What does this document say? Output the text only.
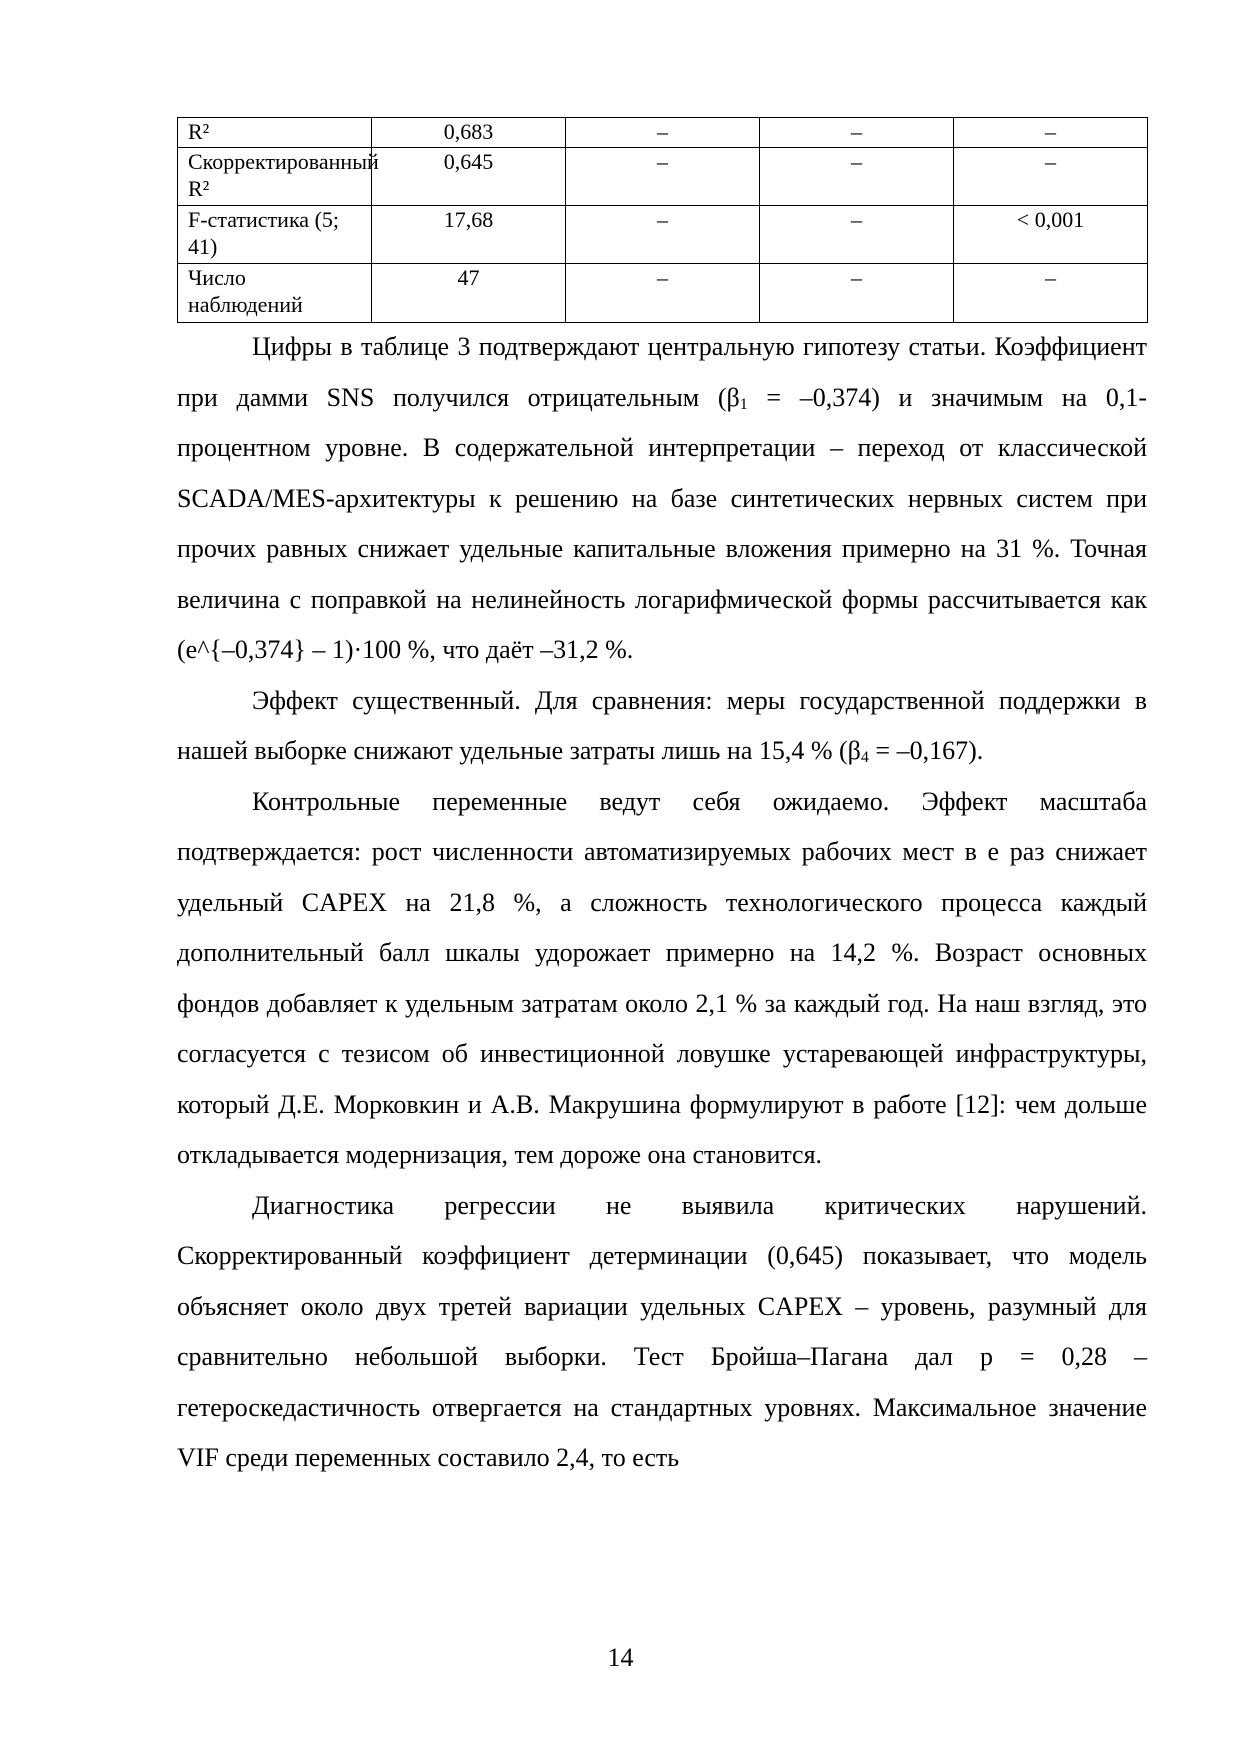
R²	0,683	–	–	–
Скорректированный R²	0,645	–	–	–
F-статистика (5; 41)	17,68	–	–	< 0,001
Число наблюдений	47	–	–	–

Цифры в таблице 3 подтверждают центральную гипотезу статьи. Коэффициент при дамми SNS получился отрицательным (β1 = –0,374) и значимым на 0,1-процентном уровне. В содержательной интерпретации – переход от классической SCADA/MES-архитектуры к решению на базе синтетических нервных систем при прочих равных снижает удельные капитальные вложения примерно на 31 %. Точная величина с поправкой на нелинейность логарифмической формы рассчитывается как (e^{–0,374} – 1)·100 %, что даёт –31,2 %.

Эффект существенный. Для сравнения: меры государственной поддержки в нашей выборке снижают удельные затраты лишь на 15,4 % (β4 = –0,167).

Контрольные переменные ведут себя ожидаемо. Эффект масштаба подтверждается: рост численности автоматизируемых рабочих мест в e раз снижает удельный CAPEX на 21,8 %, а сложность технологического процесса каждый дополнительный балл шкалы удорожает примерно на 14,2 %. Возраст основных фондов добавляет к удельным затратам около 2,1 % за каждый год. На наш взгляд, это согласуется с тезисом об инвестиционной ловушке устаревающей инфраструктуры, который Д.Е. Морковкин и А.В. Макрушина формулируют в работе [12]: чем дольше откладывается модернизация, тем дороже она становится.

Диагностика регрессии не выявила критических нарушений. Скорректированный коэффициент детерминации (0,645) показывает, что модель объясняет около двух третей вариации удельных CAPEX – уровень, разумный для сравнительно небольшой выборки. Тест Бройша–Пагана дал p = 0,28 – гетероскедастичность отвергается на стандартных уровнях. Максимальное значение VIF среди переменных составило 2,4, то есть

14
